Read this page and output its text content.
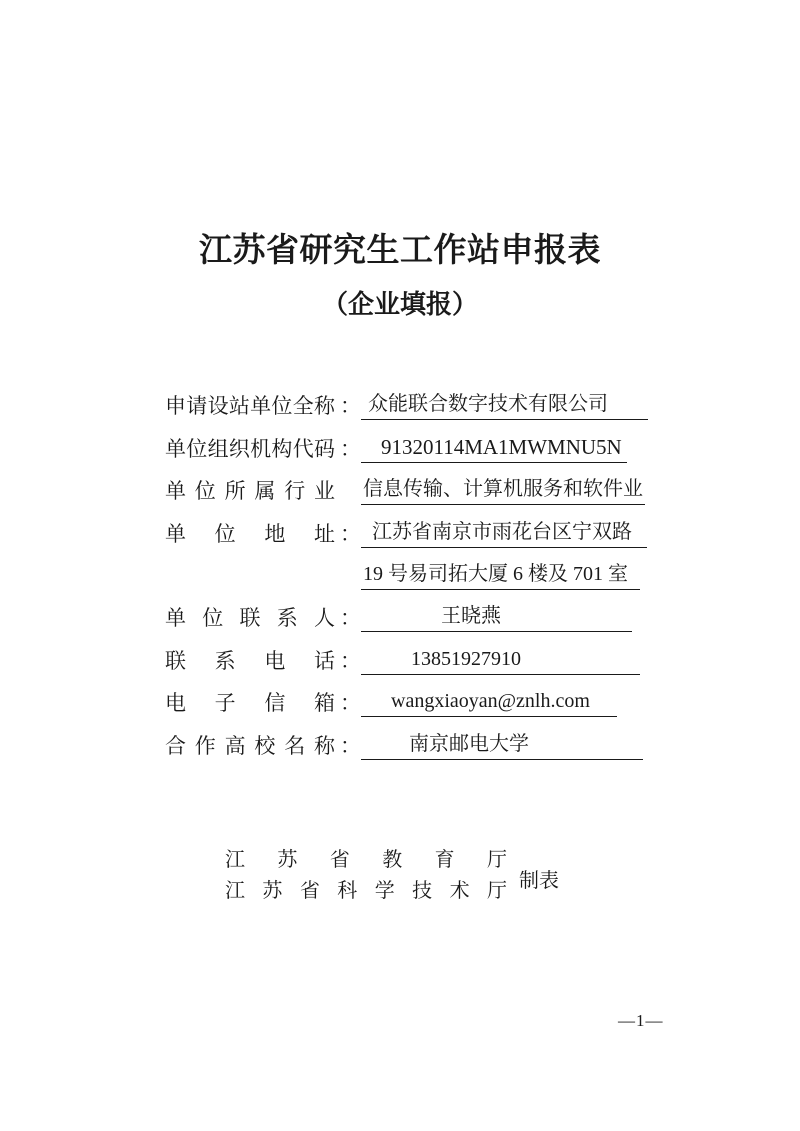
江苏省研究生工作站申报表
（企业填报）
申请设站单位全称 ： 众能联合数字技术有限公司
单位组织机构代码 ： 91320114MA1MWMNU5N
单位所属行业 信息传输、计算机服务和软件业
单位地址 ： 江苏省南京市雨花台区宁双路
19 号易司拓大厦 6 楼及 701 室
单位联系人 ：	王晓燕
联系电话 ：	13851927910
电子信箱 ：	wangxiaoyan@znlh.com
合作高校名称 ：	南京邮电大学
江苏省教育厅
江苏省科学技术厅 制表
—1—
